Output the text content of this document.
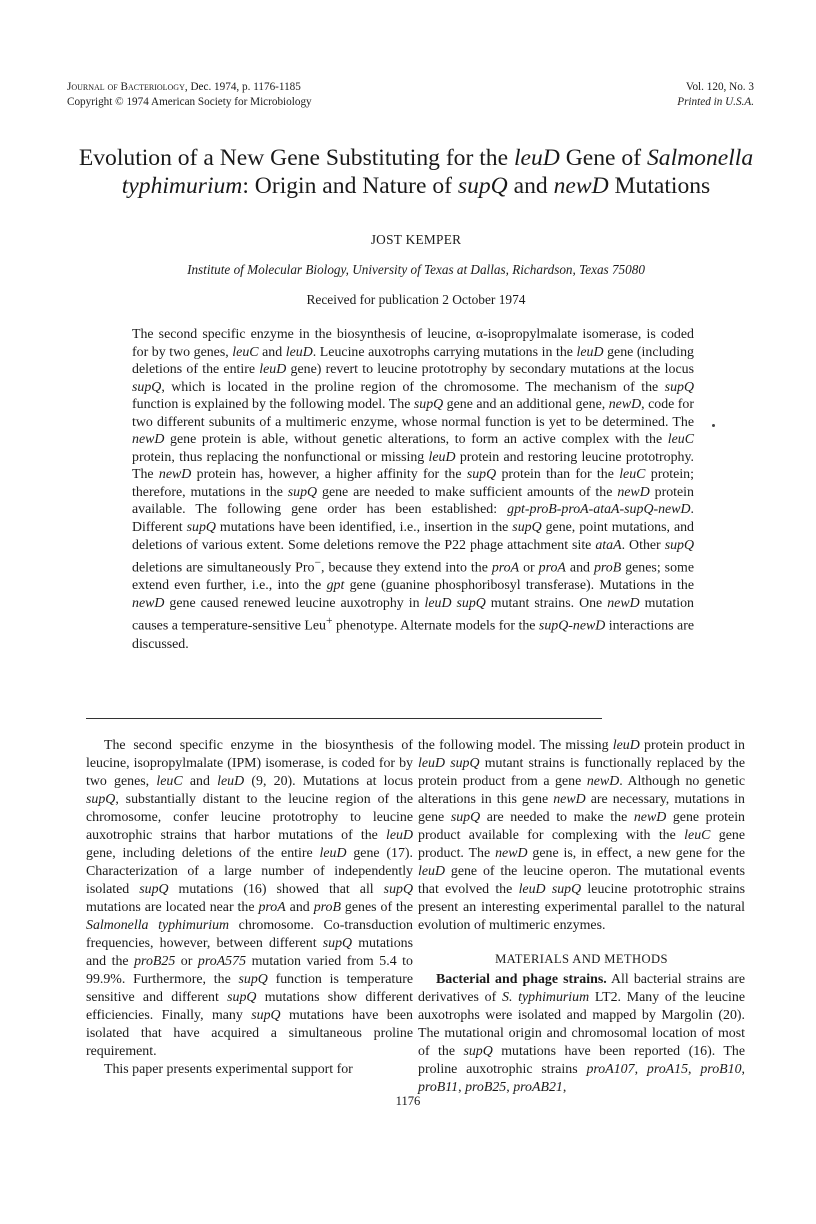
Journal of Bacteriology, Dec. 1974, p. 1176-1185
Copyright © 1974 American Society for Microbiology
Vol. 120, No. 3
Printed in U.S.A.
Evolution of a New Gene Substituting for the leuD Gene of Salmonella typhimurium: Origin and Nature of supQ and newD Mutations
JOST KEMPER
Institute of Molecular Biology, University of Texas at Dallas, Richardson, Texas 75080
Received for publication 2 October 1974

The second specific enzyme in the biosynthesis of leucine, α-isopropylmalate isomerase, is coded for by two genes, leuC and leuD. Leucine auxotrophs carrying mutations in the leuD gene (including deletions of the entire leuD gene) revert to leucine prototrophy by secondary mutations at the locus supQ, which is located in the proline region of the chromosome. The mechanism of the supQ function is explained by the following model. The supQ gene and an additional gene, newD, code for two different subunits of a multimeric enzyme, whose normal function is yet to be determined. The newD gene protein is able, without genetic alterations, to form an active complex with the leuC protein, thus replacing the nonfunctional or missing leuD protein and restoring leucine prototrophy. The newD protein has, however, a higher affinity for the supQ protein than for the leuC protein; therefore, mutations in the supQ gene are needed to make sufficient amounts of the newD protein available. The following gene order has been established: gpt-proB-proA-ataA-supQ-newD. Different supQ mutations have been identified, i.e., insertion in the supQ gene, point mutations, and deletions of various extent. Some deletions remove the P22 phage attachment site ataA. Other supQ deletions are simultaneously Pro−, because they extend into the proA or proA and proB genes; some extend even further, i.e., into the gpt gene (guanine phosphoribosyl transferase). Mutations in the newD gene caused renewed leucine auxotrophy in leuD supQ mutant strains. One newD mutation causes a temperature-sensitive Leu+ phenotype. Alternate models for the supQ-newD interactions are discussed.

The second specific enzyme in the biosynthesis of leucine, isopropylmalate (IPM) isomerase, is coded for by two genes, leuC and leuD (9, 20). Mutations at locus supQ, substantially distant to the leucine region of the chromosome, confer leucine prototrophy to leucine auxotrophic strains that harbor mutations of the leuD gene, including deletions of the entire leuD gene (17). Characterization of a large number of independently isolated supQ mutations (16) showed that all supQ mutations are located near the proA and proB genes of the Salmonella typhimurium chromosome. Co-transduction frequencies, however, between different supQ mutations and the proB25 or proA575 mutation varied from 5.4 to 99.9%. Furthermore, the supQ function is temperature sensitive and different supQ mutations show different efficiencies. Finally, many supQ mutations have been isolated that have acquired a simultaneous proline requirement.

This paper presents experimental support for

the following model. The missing leuD protein product in leuD supQ mutant strains is functionally replaced by the protein product from a gene newD. Although no genetic alterations in this gene newD are necessary, mutations in gene supQ are needed to make the newD gene protein product available for complexing with the leuC gene product. The newD gene is, in effect, a new gene for the leuD gene of the leucine operon. The mutational events that evolved the leuD supQ leucine prototrophic strains present an interesting experimental parallel to the natural evolution of multimeric enzymes.

MATERIALS AND METHODS

Bacterial and phage strains. All bacterial strains are derivatives of S. typhimurium LT2. Many of the leucine auxotrophs were isolated and mapped by Margolin (20). The mutational origin and chromosomal location of most of the supQ mutations have been reported (16). The proline auxotrophic strains proA107, proA15, proB10, proB11, proB25, proAB21,

1176
